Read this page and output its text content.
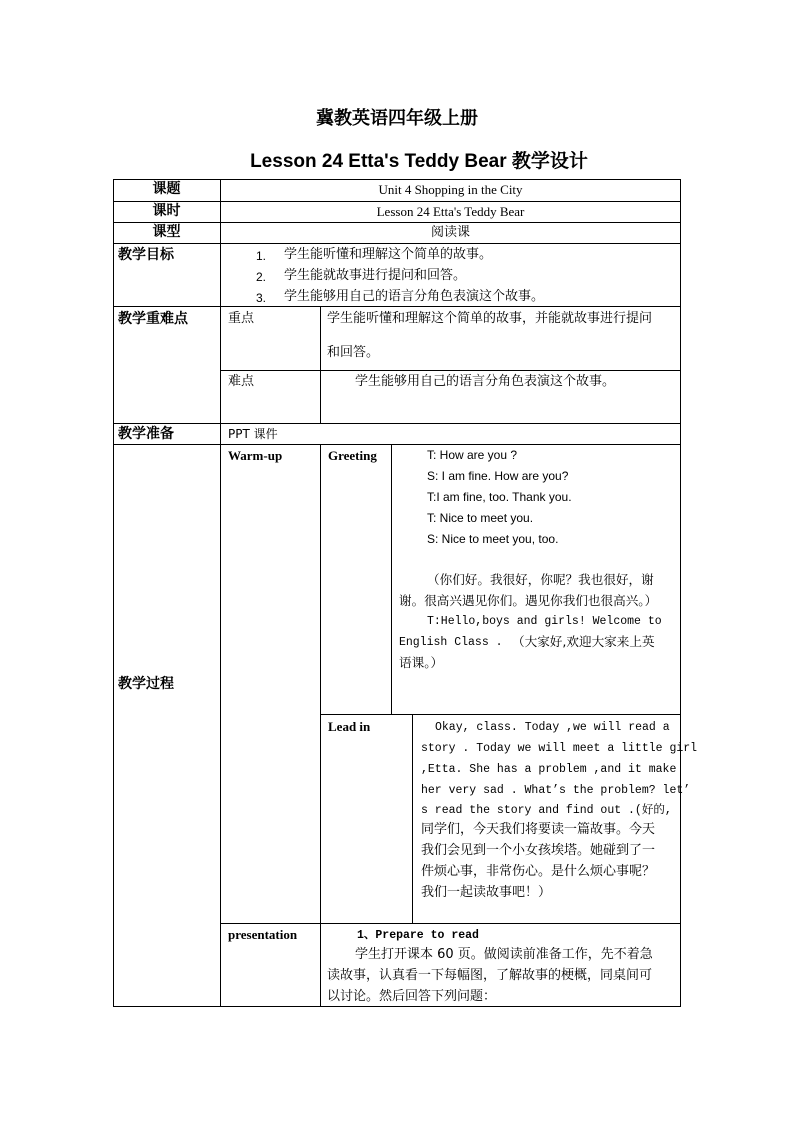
冀教英语四年级上册
Lesson 24 Etta's Teddy Bear 教学设计
课题	Unit 4 Shopping in the City
课时	Lesson 24 Etta's Teddy Bear
课型	阅读课
教学目标	1. 学生能听懂和理解这个简单的故事。
2. 学生能就故事进行提问和回答。
3. 学生能够用自己的语言分角色表演这个故事。
教学重难点	重点	学生能听懂和理解这个简单的故事，并能就故事进行提问
和回答。
难点	学生能够用自己的语言分角色表演这个故事。
教学准备	PPT 课件
教学过程
Warm-up	Greeting	T: How are you ?
S: I am fine. How are you?
T:I am fine, too. Thank you.
T: Nice to meet you.
S: Nice to meet you, too.
（你们好。我很好，你呢？我也很好，谢
谢。很高兴遇见你们。遇见你我们也很高兴。）
T:Hello,boys and girls! Welcome to
English Class . （大家好,欢迎大家来上英
语课。）
Lead in	Okay, class. Today ,we will read a
story . Today we will meet a little girl
,Etta. She has a problem ,and it make
her very sad . What’s the problem? let’
s read the story and find out .(好的,
同学们，今天我们将要读一篇故事。今天
我们会见到一个小女孩埃塔。她碰到了一
件烦心事，非常伤心。是什么烦心事呢？
我们一起读故事吧！）
presentation	1、Prepare to read
学生打开课本 60 页。做阅读前准备工作，先不着急
读故事，认真看一下每幅图，了解故事的梗概，同桌间可
以讨论。然后回答下列问题：
